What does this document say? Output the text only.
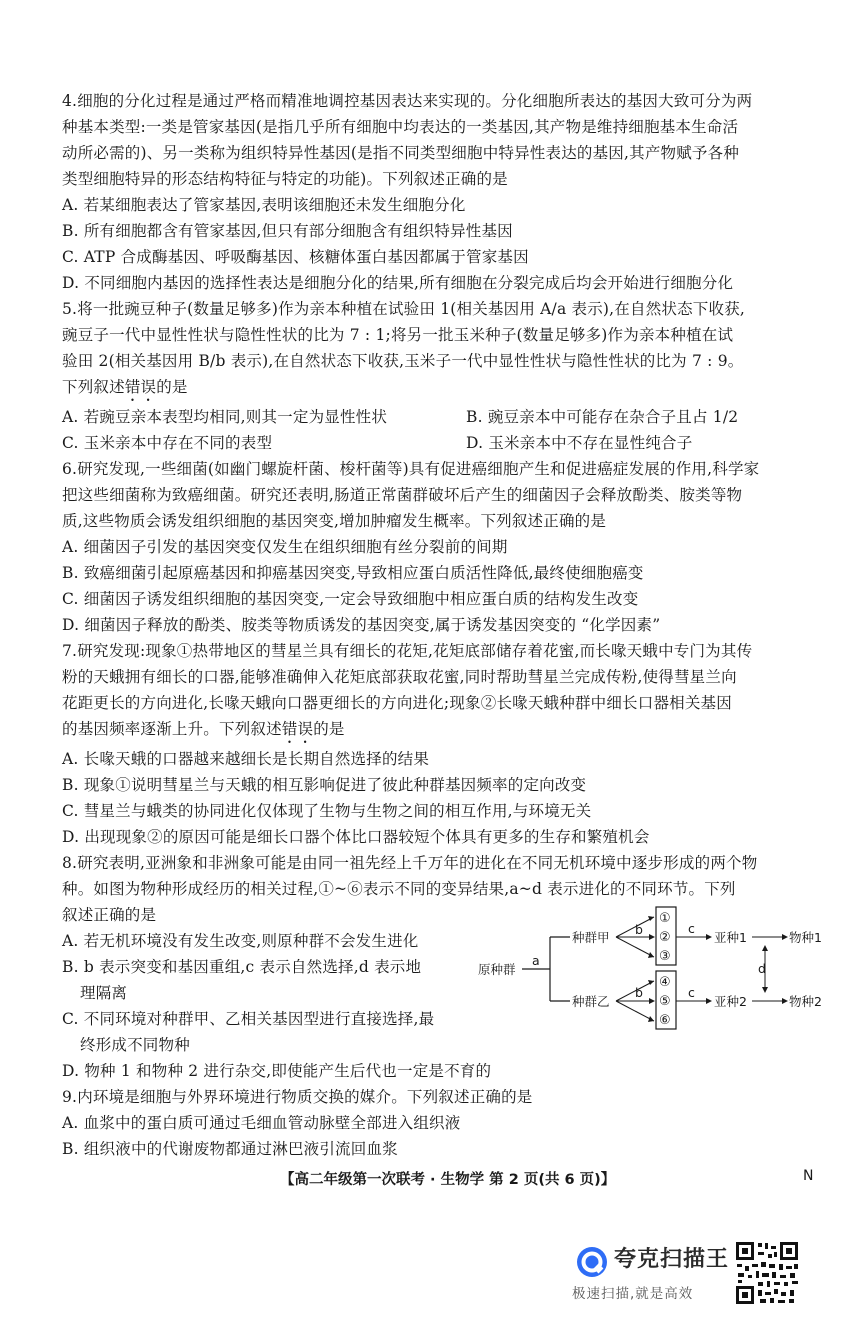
4.细胞的分化过程是通过严格而精准地调控基因表达来实现的。分化细胞所表达的基因大致可分为两
种基本类型:一类是管家基因(是指几乎所有细胞中均表达的一类基因,其产物是维持细胞基本生命活
动所必需的)、另一类称为组织特异性基因(是指不同类型细胞中特异性表达的基因,其产物赋予各种
类型细胞特异的形态结构特征与特定的功能)。下列叙述正确的是
A. 若某细胞表达了管家基因,表明该细胞还未发生细胞分化
B. 所有细胞都含有管家基因,但只有部分细胞含有组织特异性基因
C. ATP 合成酶基因、呼吸酶基因、核糖体蛋白基因都属于管家基因
D. 不同细胞内基因的选择性表达是细胞分化的结果,所有细胞在分裂完成后均会开始进行细胞分化
5.将一批豌豆种子(数量足够多)作为亲本种植在试验田 1(相关基因用 A/a 表示),在自然状态下收获,
豌豆子一代中显性性状与隐性性状的比为 7 : 1;将另一批玉米种子(数量足够多)作为亲本种植在试
验田 2(相关基因用 B/b 表示),在自然状态下收获,玉米子一代中显性性状与隐性性状的比为 7 : 9。
下列叙述错误的是
A. 若豌豆亲本表型均相同,则其一定为显性性状	B. 豌豆亲本中可能存在杂合子且占 1/2
C. 玉米亲本中存在不同的表型	D. 玉米亲本中不存在显性纯合子
6.研究发现,一些细菌(如幽门螺旋杆菌、梭杆菌等)具有促进癌细胞产生和促进癌症发展的作用,科学家
把这些细菌称为致癌细菌。研究还表明,肠道正常菌群破坏后产生的细菌因子会释放酚类、胺类等物
质,这些物质会诱发组织细胞的基因突变,增加肿瘤发生概率。下列叙述正确的是
A. 细菌因子引发的基因突变仅发生在组织细胞有丝分裂前的间期
B. 致癌细菌引起原癌基因和抑癌基因突变,导致相应蛋白质活性降低,最终使细胞癌变
C. 细菌因子诱发组织细胞的基因突变,一定会导致细胞中相应蛋白质的结构发生改变
D. 细菌因子释放的酚类、胺类等物质诱发的基因突变,属于诱发基因突变的 “化学因素”
7.研究发现:现象①热带地区的彗星兰具有细长的花矩,花矩底部储存着花蜜,而长喙天蛾中专门为其传
粉的天蛾拥有细长的口器,能够准确伸入花矩底部获取花蜜,同时帮助彗星兰完成传粉,使得彗星兰向
花距更长的方向进化,长喙天蛾向口器更细长的方向进化;现象②长喙天蛾种群中细长口器相关基因
的基因频率逐渐上升。下列叙述错误的是
A. 长喙天蛾的口器越来越细长是长期自然选择的结果
B. 现象①说明彗星兰与天蛾的相互影响促进了彼此种群基因频率的定向改变
C. 彗星兰与蛾类的协同进化仅体现了生物与生物之间的相互作用,与环境无关
D. 出现现象②的原因可能是细长口器个体比口器较短个体具有更多的生存和繁殖机会
8.研究表明,亚洲象和非洲象可能是由同一祖先经上千万年的进化在不同无机环境中逐步形成的两个物
种。如图为物种形成经历的相关过程,①~⑥表示不同的变异结果,a~d 表示进化的不同环节。下列
叙述正确的是
A. 若无机环境没有发生改变,则原种群不会发生进化
B. b 表示突变和基因重组,c 表示自然选择,d 表示地
理隔离
C. 不同环境对种群甲、乙相关基因型进行直接选择,最
终形成不同物种
D. 物种 1 和物种 2 进行杂交,即使能产生后代也一定是不育的
原种群
a
种群甲
种群乙
b
①
②
③
c
亚种1	物种1
b
④
⑤
⑥
c
亚种2	物种2
d
9.内环境是细胞与外界环境进行物质交换的媒介。下列叙述正确的是
A. 血浆中的蛋白质可通过毛细血管动脉壁全部进入组织液
B. 组织液中的代谢废物都通过淋巴液引流回血浆
【高二年级第一次联考 · 生物学 第 2 页(共 6 页)】	N
夸克扫描王
极速扫描,就是高效
